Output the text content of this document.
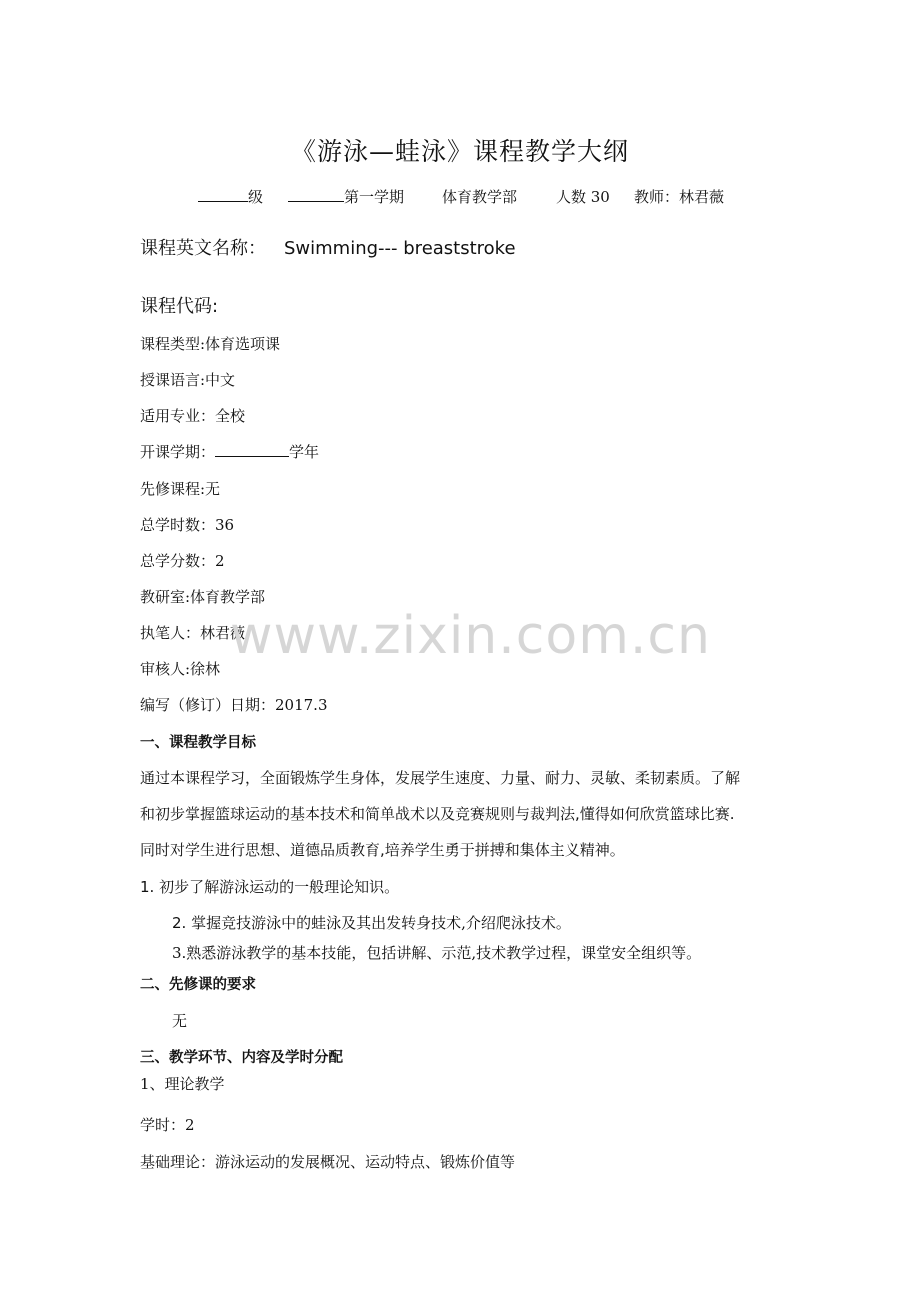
《游泳—蛙泳》课程教学大纲
级	第一学期	体育教学部	人数 30 教师：林君薇
课程英文名称： Swimming--- breaststroke
课程代码:
课程类型:体育选项课
授课语言:中文
适用专业：全校
开课学期：	学年
先修课程:无
总学时数：36
总学分数：2
教研室:体育教学部
执笔人：林君薇
审核人:徐林
编写（修订）日期：2017.3
一、课程教学目标
通过本课程学习，全面锻炼学生身体，发展学生速度、力量、耐力、灵敏、柔韧素质。了解
和初步掌握篮球运动的基本技术和简单战术以及竞赛规则与裁判法,懂得如何欣赏篮球比赛.
同时对学生进行思想、道德品质教育,培养学生勇于拼搏和集体主义精神。
1. 初步了解游泳运动的一般理论知识。
2. 掌握竞技游泳中的蛙泳及其出发转身技术,介绍爬泳技术。
3.熟悉游泳教学的基本技能，包括讲解、示范,技术教学过程，课堂安全组织等。
二、先修课的要求
无
三、教学环节、内容及学时分配
1、理论教学
学时：2
基础理论：游泳运动的发展概况、运动特点、锻炼价值等
www.zixin.com.cn
